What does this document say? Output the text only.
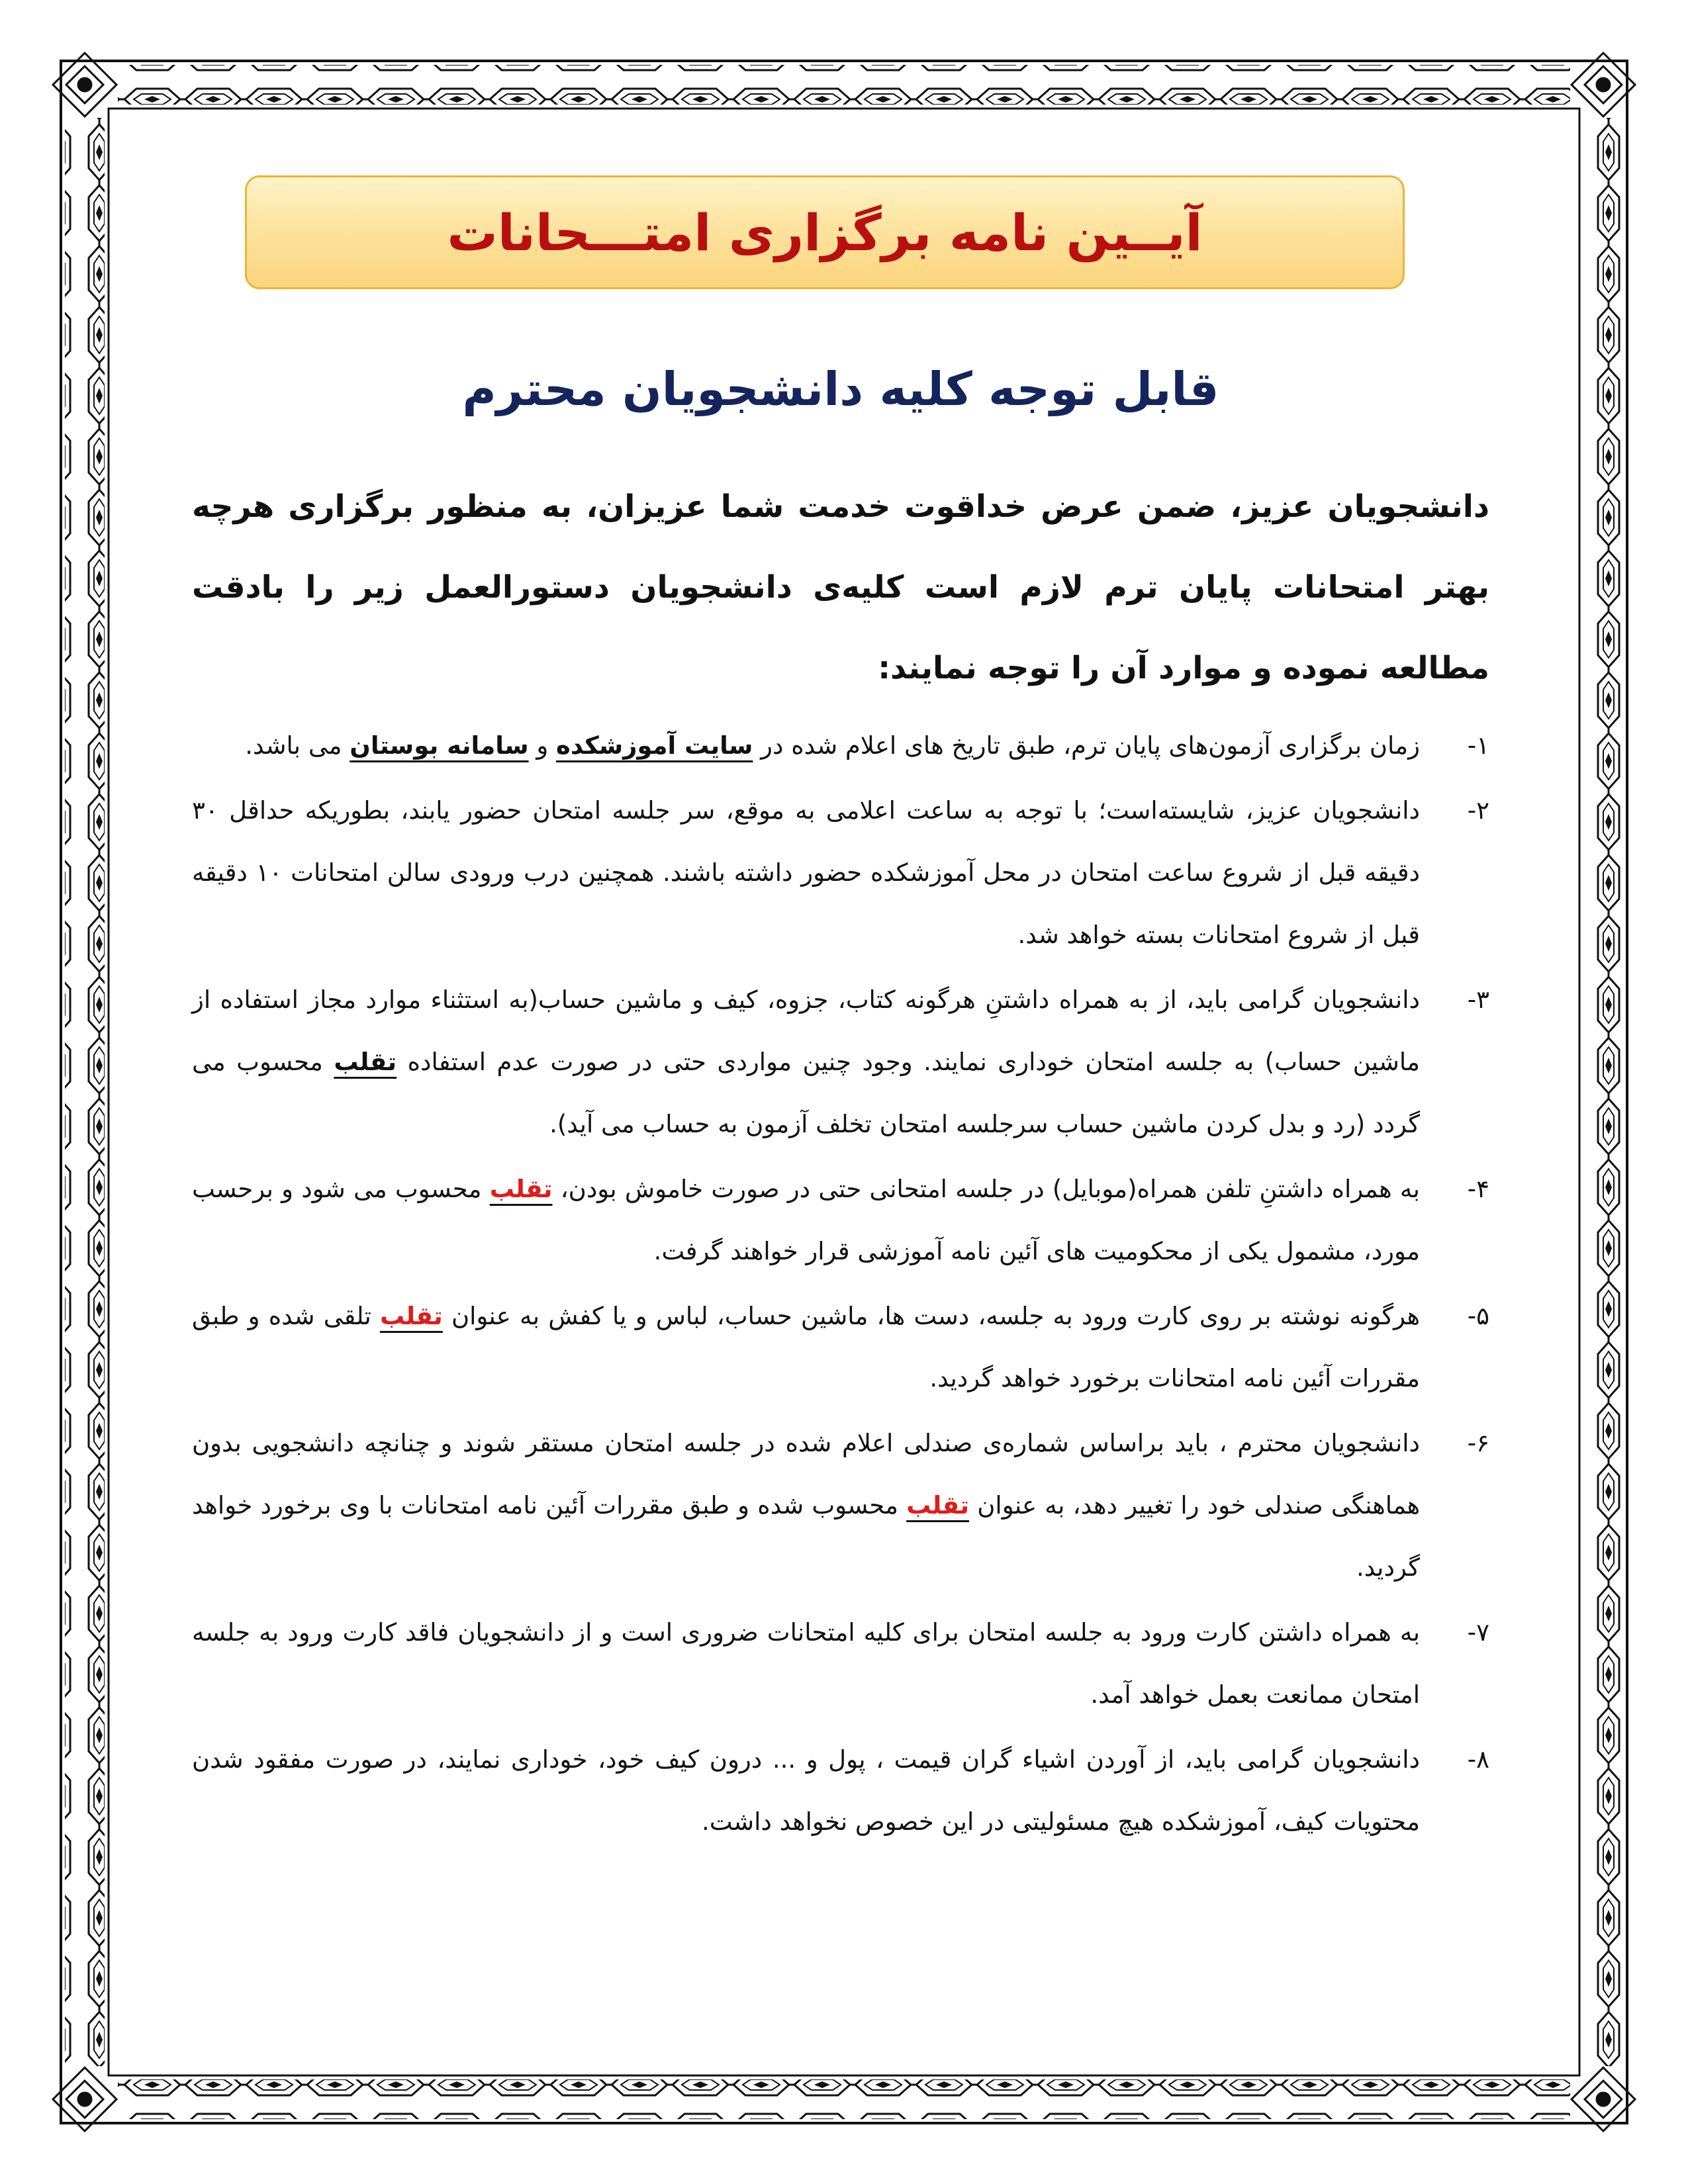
آیــین نامه برگزاری امتـــحانات
قابل توجه کلیه دانشجویان محترم

دانشجویان عزیز، ضمن عرض خداقوت خدمت شما عزیزان، به منظور برگزاری هرچه بهتر امتحانات پایان ترم لازم است کلیه‌ی دانشجویان دستورالعمل زیر را بادقت مطالعه نموده و موارد آن را توجه نمایند:

۱-
زمان برگزاری آزمون‌های پایان ترم، طبق تاریخ های اعلام شده در سایت آموزشکده و سامانه بوستان می باشد.
۲-
دانشجویان عزیز، شایسته‌است؛ با توجه به ساعت اعلامی به موقع، سر جلسه امتحان حضور یابند، بطوریکه حداقل ۳۰ دقیقه قبل از شروع ساعت امتحان در محل آموزشکده حضور داشته باشند. همچنین درب ورودی سالن امتحانات ۱۰ دقیقه قبل از شروع امتحانات بسته خواهد شد.
۳-
دانشجویان گرامی باید، از به همراه داشتنِ هرگونه کتاب، جزوه، کیف و ماشین حساب(به استثناء موارد مجاز استفاده از ماشین حساب) به جلسه امتحان خوداری نمایند. وجود چنین مواردی حتی در صورت عدم استفاده تقلب محسوب می گردد (رد و بدل کردن ماشین حساب سرجلسه امتحان تخلف آزمون به حساب می آید).
۴-
به همراه داشتنِ تلفن همراه(موبایل) در جلسه امتحانی حتی در صورت خاموش بودن، تقلب محسوب می شود و برحسب مورد، مشمول یکی از محکومیت های آئین نامه آموزشی قرار خواهند گرفت.
۵-
هرگونه نوشته بر روی کارت ورود به جلسه، دست ها، ماشین حساب، لباس و یا کفش به عنوان تقلب تلقی شده و طبق مقررات آئین نامه امتحانات برخورد خواهد گردید.
۶-
دانشجویان محترم ، باید براساس شماره‌ی صندلی اعلام شده در جلسه امتحان مستقر شوند و چنانچه دانشجویی بدون هماهنگی صندلی خود را تغییر دهد، به عنوان تقلب محسوب شده و طبق مقررات آئین نامه امتحانات با وی برخورد خواهد گردید.
۷-
به همراه داشتن کارت ورود به جلسه امتحان برای کلیه امتحانات ضروری است و از دانشجویان فاقد کارت ورود به جلسه امتحان ممانعت بعمل خواهد آمد.
۸-
دانشجویان گرامی باید، از آوردن اشیاء گران قیمت ، پول و ... درون کیف خود، خوداری نمایند، در صورت مفقود شدن محتویات کیف، آموزشکده هیچ مسئولیتی در این خصوص نخواهد داشت.
